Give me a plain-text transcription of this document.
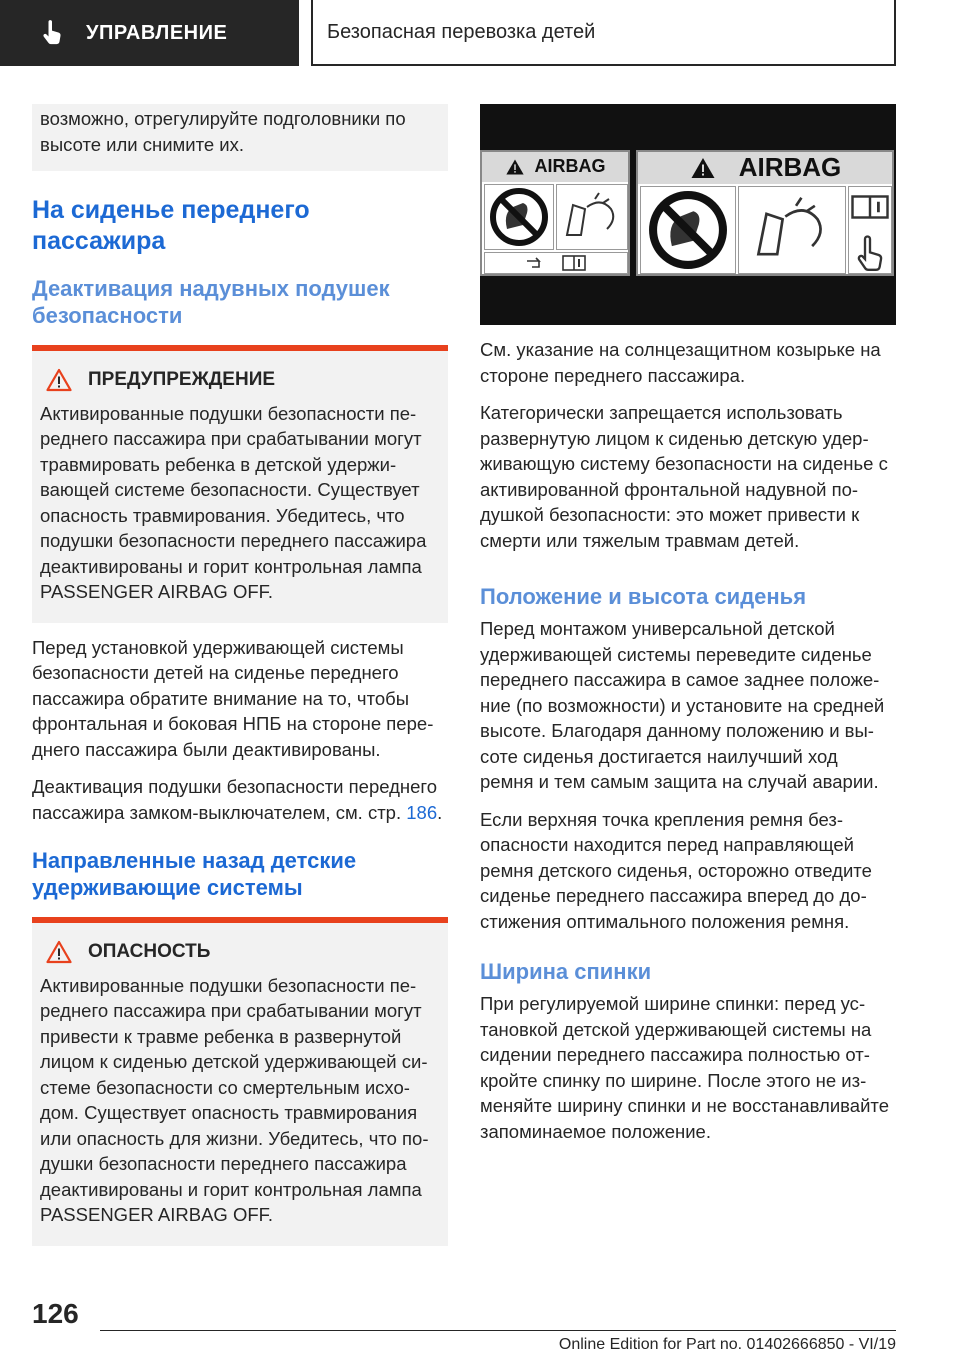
УПРАВЛЕНИЕ	Безопасная перевозка детей
возможно, отрегулируйте подголовники по высоте или снимите их.
На сиденье переднего пассажира
Деактивация надувных подушек безопасности
ПРЕДУПРЕЖДЕНИЕ
Активированные подушки безопасности переднего пассажира при срабатывании могут травмировать ребенка в детской удерживающей системе безопасности. Существует опасность травмирования. Убедитесь, что подушки безопасности переднего пассажира деактивированы и горит контрольная лампа PASSENGER AIRBAG OFF.

Перед установкой удерживающей системы безопасности детей на сиденье переднего пассажира обратите внимание на то, чтобы фронтальная и боковая НПБ на стороне переднего пассажира были деактивированы.

Деактивация подушки безопасности переднего пассажира замком-выключателем, см. стр. 186.

Направленные назад детские удерживающие системы
ОПАСНОСТЬ
Активированные подушки безопасности переднего пассажира при срабатывании могут привести к травме ребенка в развернутой лицом к сиденью детской удерживающей системе безопасности со смертельным исходом. Существует опасность травмирования или опасность для жизни. Убедитесь, что подушки безопасности переднего пассажира деактивированы и горит контрольная лампа PASSENGER AIRBAG OFF.
AIRBAG	AIRBAG

См. указание на солнцезащитном козырьке на стороне переднего пассажира.

Категорически запрещается использовать развернутую лицом к сиденью детскую удерживающую систему безопасности на сиденье с активированной фронтальной надувной подушкой безопасности: это может привести к смерти или тяжелым травмам детей.

Положение и высота сиденья

Перед монтажом универсальной детской удерживающей системы переведите сиденье переднего пассажира в самое заднее положение (по возможности) и установите на средней высоте. Благодаря данному положению и высоте сиденья достигается наилучший ход ремня и тем самым защита на случай аварии.

Если верхняя точка крепления ремня безопасности находится перед направляющей ремня детского сиденья, осторожно отведите сиденье переднего пассажира вперед до достижения оптимального положения ремня.

Ширина спинки

При регулируемой ширине спинки: перед установкой детской удерживающей системы на сидении переднего пассажира полностью откройте спинку по ширине. После этого не изменяйте ширину спинки и не восстанавливайте запоминаемое положение.

126
Online Edition for Part no. 01402666850 - VI/19
